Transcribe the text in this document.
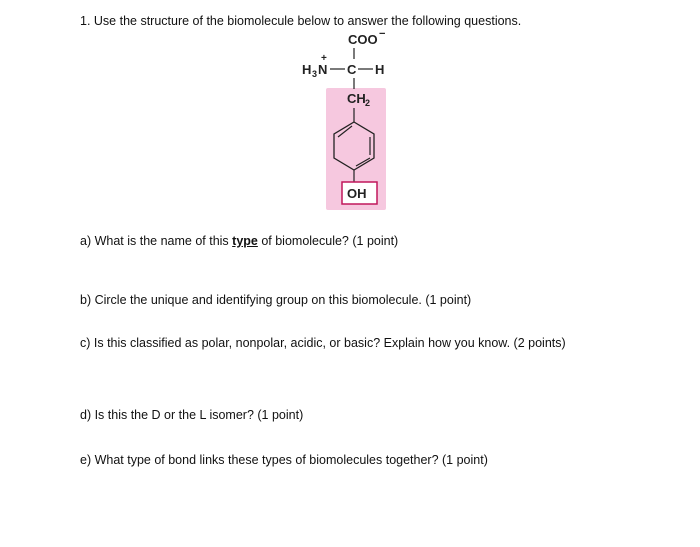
1. Use the structure of the biomolecule below to answer the following questions.

COO −
H 3 N
+
C H
CH 2
OH

a) What is the name of this type of biomolecule? (1 point)

b) Circle the unique and identifying group on this biomolecule. (1 point)

c) Is this classified as polar, nonpolar, acidic, or basic? Explain how you know. (2 points)

d) Is this the D or the L isomer? (1 point)

e) What type of bond links these types of biomolecules together? (1 point)
